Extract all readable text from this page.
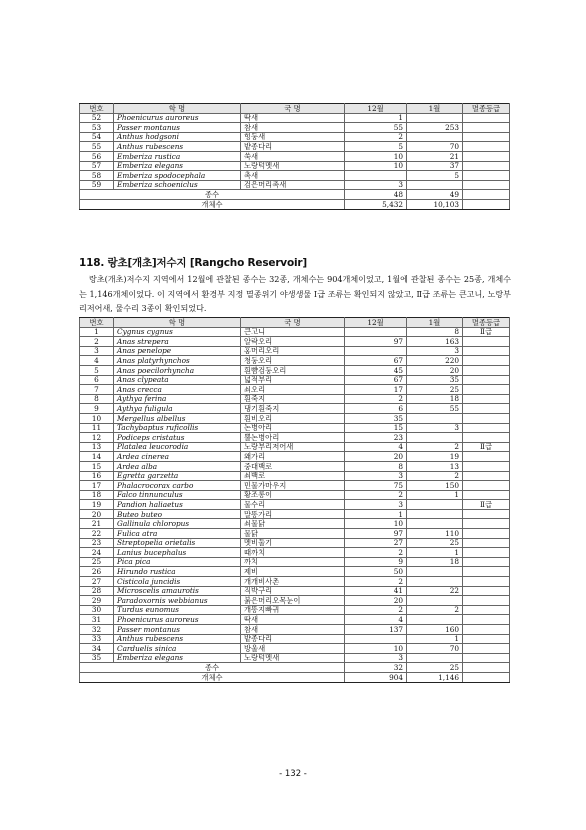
번호	학 명	국 명	12월	1월	멸종등급
52	Phoenicurus auroreus	딱새	1		
53	Passer montanus	참새	55	253	
54	Anthus hodgsoni	힝둥새	2		
55	Anthus rubescens	밭종다리	5	70	
56	Emberiza rustica	쑥새	10	21	
57	Emberiza elegans	노랑턱멧새	10	37	
58	Emberiza spodocephala	촉새		5	
59	Emberiza schoeniclus	검은머리촉새	3		
종수			48	49	
개체수			5,432	10,103	
118. 랑초[개초]저수지 [Rangcho Reservoir]

랑초(개초)저수지 지역에서 12월에 관찰된 종수는 32종, 개체수는 904개체이었고, 1월에 관찰된 종수는 25종, 개체수는 1,146개체이었다. 이 지역에서 환경부 지정 멸종위기 야생생물 Ⅰ급 조류는 확인되지 않았고, Ⅱ급 조류는 큰고니, 노랑부리저어새, 물수리 3종이 확인되었다.

번호	학 명	국 명	12월	1월	멸종등급
1	Cygnus cygnus	큰고니		8	Ⅱ급
2	Anas strepera	알락오리	97	163	
3	Anas penelope	홍머리오리		3	
4	Anas platyrhynchos	청둥오리	67	220	
5	Anas poecilorhyncha	흰뺨검둥오리	45	20	
6	Anas clypeata	넓적부리	67	35	
7	Anas crecca	쇠오리	17	25	
8	Aythya ferina	흰죽지	2	18	
9	Aythya fuligula	댕기흰죽지	6	55	
10	Mergellus albellus	흰비오리	35		
11	Tachybaptus ruficollis	논병아리	15	3	
12	Podiceps cristatus	뿔논병아리	23		
13	Platalea leucorodia	노랑부리저어새	4	2	Ⅱ급
14	Ardea cinerea	왜가리	20	19	
15	Ardea alba	중대백로	8	13	
16	Egretta garzetta	쇠백로	3	2	
17	Phalacrocorax carbo	민물가마우지	75	150	
18	Falco tinnunculus	황조롱이	2	1	
19	Pandion haliaetus	물수리	3		Ⅱ급
20	Buteo buteo	말똥가리	1		
21	Gallinula chloropus	쇠물닭	10		
22	Fulica atra	물닭	97	110	
23	Streptopelia orietalis	멧비둘기	27	25	
24	Lanius bucephalus	때까치	2	1	
25	Pica pica	까치	9	18	
26	Hirundo rustica	제비	50		
27	Cisticola juncidis	개개비사촌	2		
28	Microscelis amaurotis	직박구리	41	22	
29	Paradoxornis webbianus	붉은머리오목눈이	20		
30	Turdus eunomus	개똥지빠귀	2	2	
31	Phoenicurus auroreus	딱새	4		
32	Passer montanus	참새	137	160	
33	Anthus rubescens	밭종다리		1	
34	Carduelis sinica	방울새	10	70	
35	Emberiza elegans	노랑턱멧새	3		
종수			32	25	
개체수			904	1,146	
- 132 -
